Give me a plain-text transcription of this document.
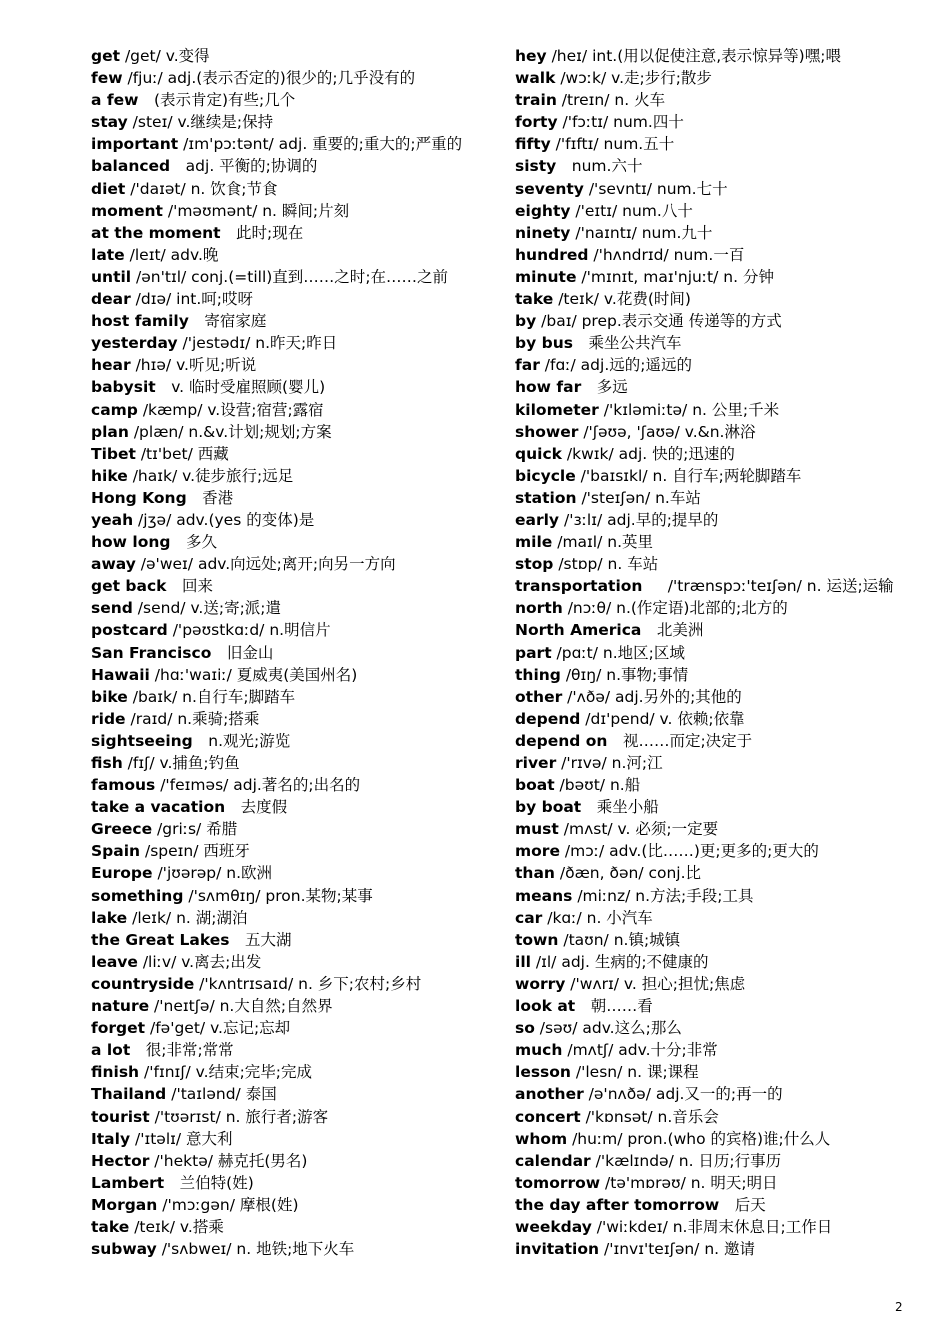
get /get/ v.变得

few /fjuː/ adj.(表示否定的)很少的;几乎没有的

a few　(表示肯定)有些;几个

stay /steɪ/ v.继续是;保持

important /ɪm'pɔːtənt/ adj. 重要的;重大的;严重的

balanced　adj. 平衡的;协调的

diet /'daɪət/ n. 饮食;节食

moment /'məʊmənt/ n. 瞬间;片刻

at the moment　此时;现在

late /leɪt/ adv.晚

until /ən'tɪl/ conj.(=till)直到……之时;在……之前

dear /dɪə/ int.呵;哎呀

host family　寄宿家庭

yesterday /'jestədɪ/ n.昨天;昨日

hear /hɪə/ v.听见;听说

babysit　v. 临时受雇照顾(婴儿)

camp /kæmp/ v.设营;宿营;露宿

plan /plæn/ n.&v.计划;规划;方案

Tibet /tɪ'bet/ 西藏

hike /haɪk/ v.徒步旅行;远足

Hong Kong　香港

yeah /jʒə/ adv.(yes 的变体)是

how long　多久

away /ə'weɪ/ adv.向远处;离开;向另一方向

get back　回来

send /send/ v.送;寄;派;遣

postcard /'pəʊstkɑːd/ n.明信片

San Francisco　旧金山

Hawaii /hɑː'waɪiː/ 夏威夷(美国州名)

bike /baɪk/ n.自行车;脚踏车

ride /raɪd/ n.乘骑;搭乘

sightseeing　n.观光;游览

fish /fɪʃ/ v.捕鱼;钓鱼

famous /'feɪməs/ adj.著名的;出名的

take a vacation　去度假

Greece /griːs/ 希腊

Spain /speɪn/ 西班牙

Europe /'jʊərəp/ n.欧洲

something /'sʌmθɪŋ/ pron.某物;某事

lake /leɪk/ n. 湖;湖泊

the Great Lakes　五大湖

leave /liːv/ v.离去;出发

countryside /'kʌntrɪsaɪd/ n. 乡下;农村;乡村

nature /'neɪtʃə/ n.大自然;自然界

forget /fə'get/ v.忘记;忘却

a lot　很;非常;常常

finish /'fɪnɪʃ/ v.结束;完毕;完成

Thailand /'taɪlənd/ 泰国

tourist /'tʊərɪst/ n. 旅行者;游客

Italy /'ɪtəlɪ/ 意大利

Hector /'hektə/ 赫克托(男名)

Lambert　兰伯特(姓)

Morgan /'mɔːgən/ 摩根(姓)

take /teɪk/ v.搭乘

subway /'sʌbweɪ/ n. 地铁;地下火车

hey /heɪ/ int.(用以促使注意,表示惊异等)嘿;喂

walk /wɔːk/ v.走;步行;散步

train /treɪn/ n. 火车

forty /'fɔːtɪ/ num.四十

fifty /'fɪftɪ/ num.五十

sisty　num.六十

seventy /'sevntɪ/ num.七十

eighty /'eɪtɪ/ num.八十

ninety /'naɪntɪ/ num.九十

hundred /'hʌndrɪd/ num.一百

minute /'mɪnɪt, maɪ'njuːt/ n. 分钟

take /teɪk/ v.花费(时间)

by /baɪ/ prep.表示交通 传递等的方式

by bus　乘坐公共汽车

far /fɑː/ adj.远的;遥远的

how far　多远

kilometer /'kɪləmiːtə/ n. 公里;千米

shower /'ʃəʊə, 'ʃaʊə/ v.&n.淋浴

quick /kwɪk/ adj. 快的;迅速的

bicycle /'baɪsɪkl/ n. 自行车;两轮脚踏车

station /'steɪʃən/ n.车站

early /'ɜːlɪ/ adj.早的;提早的

mile /maɪl/ n.英里

stop /stɒp/ n. 车站

transportation 　 /'trænspɔː'teɪʃən/ n. 运送;运输

north /nɔːθ/ n.(作定语)北部的;北方的

North America　北美洲

part /pɑːt/ n.地区;区域

thing /θɪŋ/ n.事物;事情

other /'ʌðə/ adj.另外的;其他的

depend /dɪ'pend/ v. 依赖;依靠

depend on　视……而定;决定于

river /'rɪvə/ n.河;江

boat /bəʊt/ n.船

by boat　乘坐小船

must /mʌst/ v. 必须;一定要

more /mɔː/ adv.(比……)更;更多的;更大的

than /ðæn, ðən/ conj.比

means /miːnz/ n.方法;手段;工具

car /kɑː/ n. 小汽车

town /taʊn/ n.镇;城镇

ill /ɪl/ adj. 生病的;不健康的

worry /'wʌrɪ/ v. 担心;担忧;焦虑

look at　朝……看

so /səʊ/ adv.这么;那么

much /mʌtʃ/ adv.十分;非常

lesson /'lesn/ n. 课;课程

another /ə'nʌðə/ adj.又一的;再一的

concert /'kɒnsət/ n.音乐会

whom /huːm/ pron.(who 的宾格)谁;什么人

calendar /'kælɪndə/ n. 日历;行事历

tomorrow /tə'mɒrəʊ/ n. 明天;明日

the day after tomorrow　后天

weekday /'wiːkdeɪ/ n.非周末休息日;工作日

invitation /'ɪnvɪ'teɪʃən/ n. 邀请

2
